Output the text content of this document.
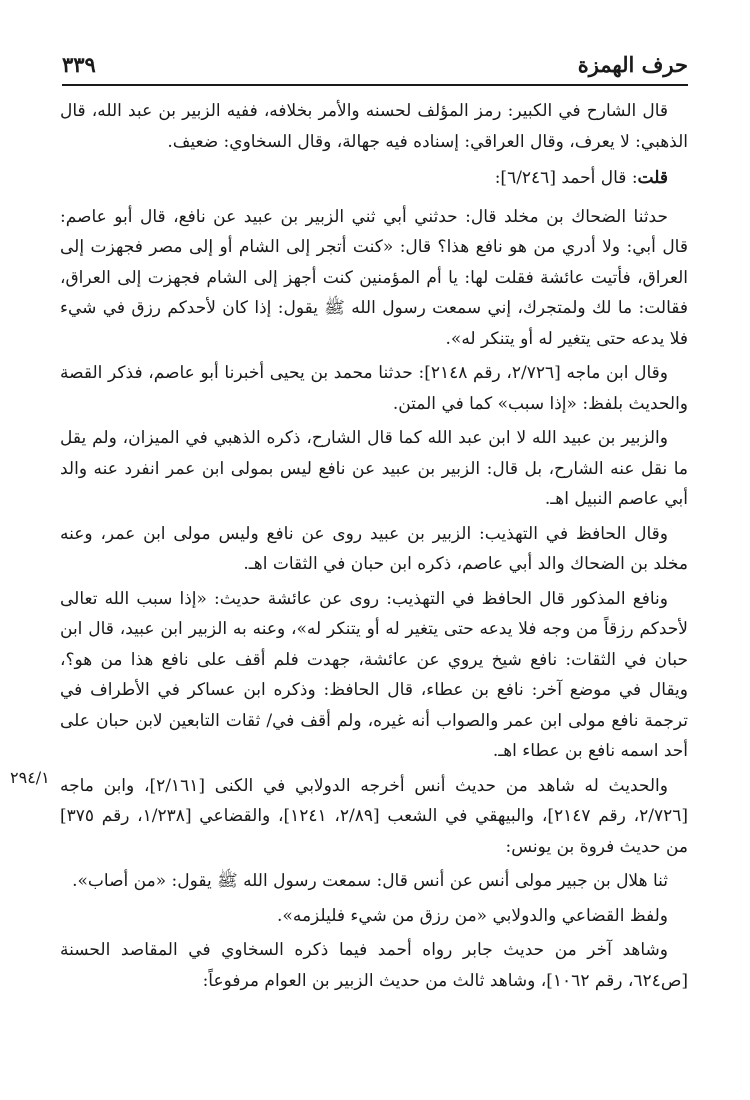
حرف الهمزة
٣٣٩

قال الشارح في الكبير: رمز المؤلف لحسنه والأمر بخلافه، ففيه الزبير بن عبد الله، قال الذهبي: لا يعرف، وقال العراقي: إسناده فيه جهالة، وقال السخاوي: ضعيف.

قلت: قال أحمد [٦/٢٤٦]:

حدثنا الضحاك بن مخلد قال: حدثني أبي ثني الزبير بن عبيد عن نافع، قال أبو عاصم: قال أبي: ولا أدري من هو نافع هذا؟ قال: «كنت أتجر إلى الشام أو إلى مصر فجهزت إلى العراق، فأتيت عائشة فقلت لها: يا أم المؤمنين كنت أجهز إلى الشام فجهزت إلى العراق، فقالت: ما لك ولمتجرك، إني سمعت رسول الله ﷺ يقول: إذا كان لأحدكم رزق في شيء فلا يدعه حتى يتغير له أو يتنكر له».

وقال ابن ماجه [٢/٧٢٦، رقم ٢١٤٨]: حدثنا محمد بن يحيى أخبرنا أبو عاصم، فذكر القصة والحديث بلفظ: «إذا سبب» كما في المتن.

والزبير بن عبيد الله لا ابن عبد الله كما قال الشارح، ذكره الذهبي في الميزان، ولم يقل ما نقل عنه الشارح، بل قال: الزبير بن عبيد عن نافع ليس بمولى ابن عمر انفرد عنه والد أبي عاصم النبيل اهـ.

وقال الحافظ في التهذيب: الزبير بن عبيد روى عن نافع وليس مولى ابن عمر، وعنه مخلد بن الضحاك والد أبي عاصم، ذكره ابن حبان في الثقات اهـ.

ونافع المذكور قال الحافظ في التهذيب: روى عن عائشة حديث: «إذا سبب الله تعالى لأحدكم رزقاً من وجه فلا يدعه حتى يتغير له أو يتنكر له»، وعنه به الزبير ابن عبيد، قال ابن حبان في الثقات: نافع شيخ يروي عن عائشة، جهدت فلم أقف على نافع هذا من هو؟، ويقال في موضع آخر: نافع بن عطاء، قال الحافظ: وذكره ابن عساكر في الأطراف في ترجمة نافع مولى ابن عمر والصواب أنه غيره، ولم أقف في/ ثقات التابعين لابن حبان على أحد اسمه نافع بن عطاء اهـ.

والحديث له شاهد من حديث أنس أخرجه الدولابي في الكنى [٢/١٦١]، وابن ماجه [٢/٧٢٦، رقم ٢١٤٧]، والبيهقي في الشعب [٢/٨٩، ١٢٤١]، والقضاعي [١/٢٣٨، رقم ٣٧٥] من حديث فروة بن يونس:

ثنا هلال بن جبير مولى أنس عن أنس قال: سمعت رسول الله ﷺ يقول: «من أصاب».

ولفظ القضاعي والدولابي «من رزق من شيء فليلزمه».

وشاهد آخر من حديث جابر رواه أحمد فيما ذكره السخاوي في المقاصد الحسنة [ص٦٢٤، رقم ١٠٦٢]، وشاهد ثالث من حديث الزبير بن العوام مرفوعاً:

٢٩٤/١
